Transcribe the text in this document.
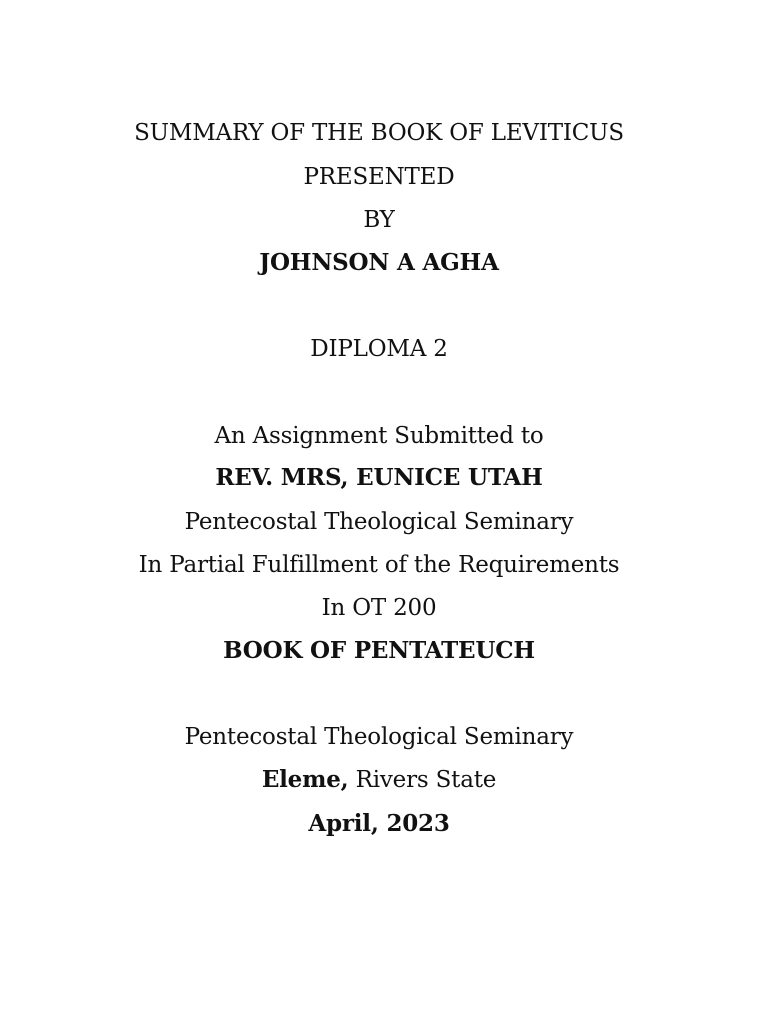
SUMMARY OF THE BOOK OF LEVITICUS
PRESENTED
BY
JOHNSON A AGHA
DIPLOMA 2
An Assignment Submitted to
REV. MRS, EUNICE UTAH
Pentecostal Theological Seminary
In Partial Fulfillment of the Requirements
In OT 200
BOOK OF PENTATEUCH
Pentecostal Theological Seminary
Eleme, Rivers State
April, 2023
